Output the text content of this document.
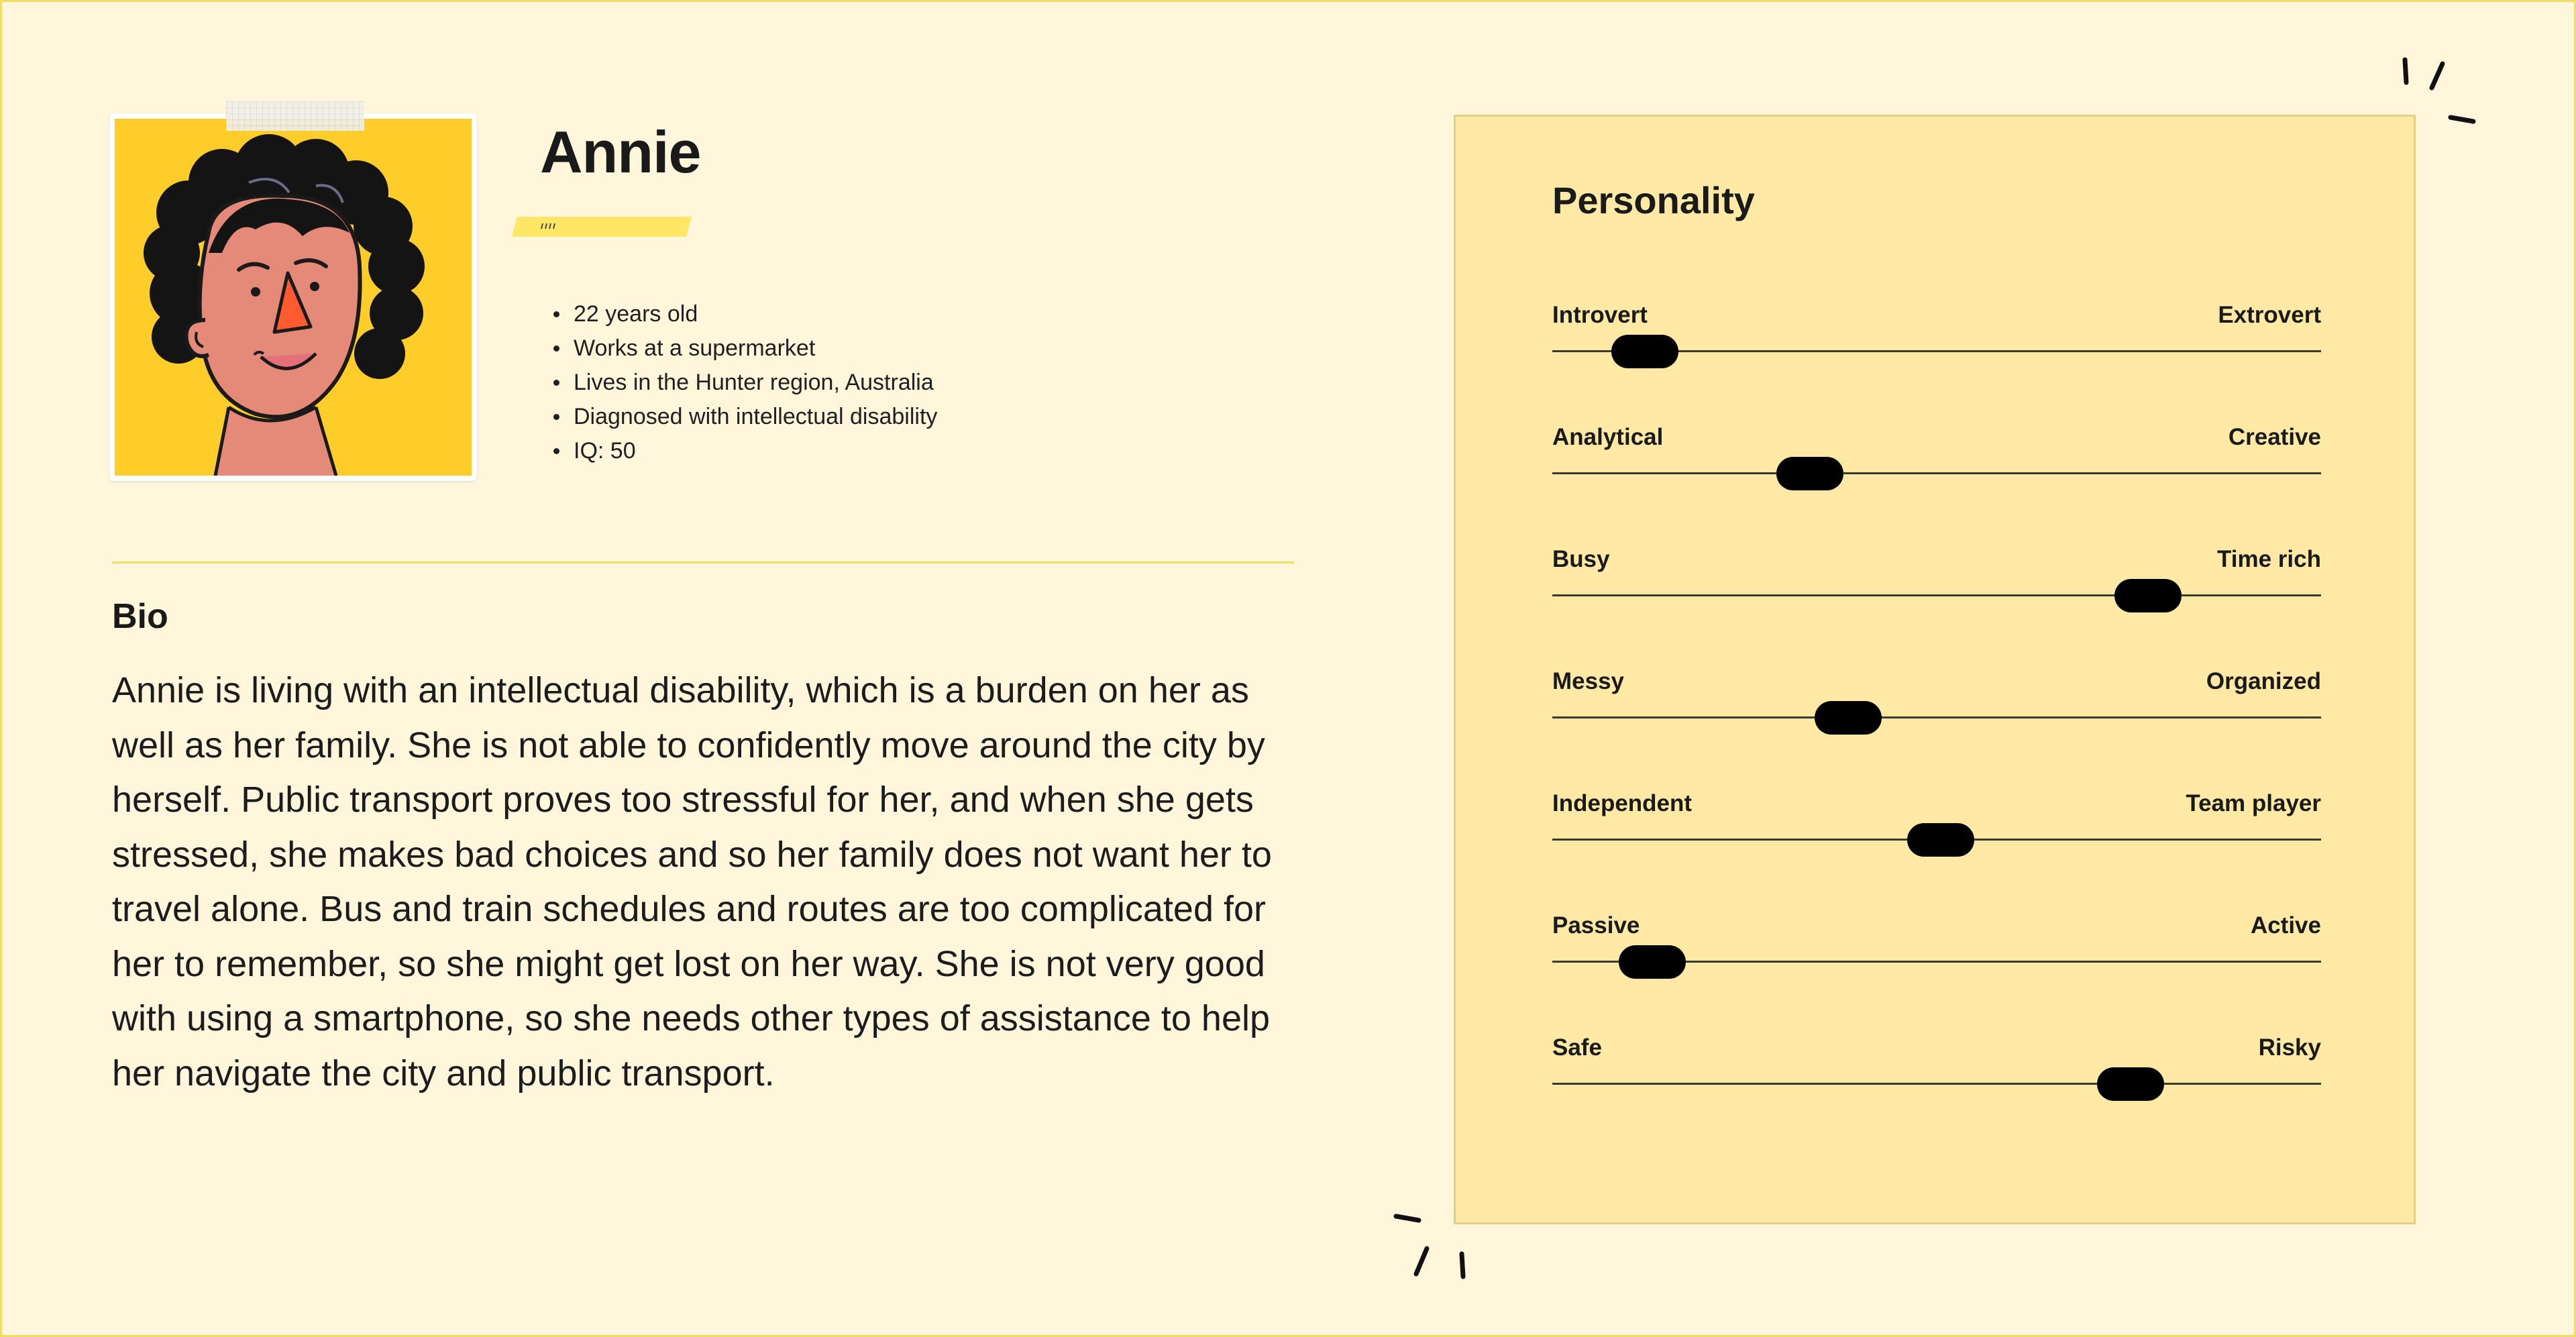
Annie
22 years old
Works at a supermarket
Lives in the Hunter region, Australia
Diagnosed with intellectual disability
IQ: 50
Bio

Annie is living with an intellectual disability, which is a burden on her as well as her family. She is not able to confidently move around the city by herself. Public transport proves too stressful for her, and when she gets stressed, she makes bad choices and so her family does not want her to travel alone. Bus and train schedules and routes are too complicated for her to remember, so she might get lost on her way. She is not very good with using a smartphone, so she needs other types of assistance to help her navigate the city and public transport.

Personality
Introvert	Extrovert
Analytical	Creative
Busy	Time rich
Messy	Organized
Independent	Team player
Passive	Active
Safe	Risky
